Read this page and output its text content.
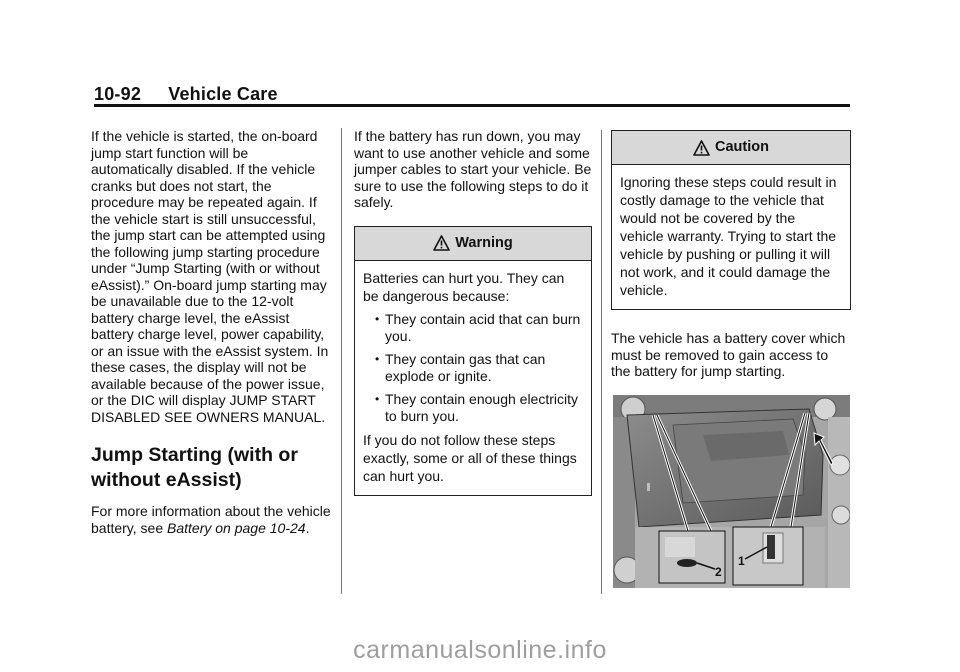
10-92 Vehicle Care

If the vehicle is started, the on-board jump start function will be automatically disabled. If the vehicle cranks but does not start, the procedure may be repeated again. If the vehicle start is still unsuccessful, the jump start can be attempted using the following jump starting procedure under “Jump Starting (with or without eAssist).” On-board jump starting may be unavailable due to the 12-volt battery charge level, the eAssist battery charge level, power capability, or an issue with the eAssist system. In these cases, the display will not be available because of the power issue, or the DIC will display JUMP START DISABLED SEE OWNERS MANUAL.

Jump Starting (with or without eAssist)

For more information about the vehicle battery, see Battery on page 10-24.

If the battery has run down, you may want to use another vehicle and some jumper cables to start your vehicle. Be sure to use the following steps to do it safely.

Warning

Batteries can hurt you. They can be dangerous because:

• They contain acid that can burn you.
• They contain gas that can explode or ignite.
• They contain enough electricity to burn you.

If you do not follow these steps exactly, some or all of these things can hurt you.

Caution

Ignoring these steps could result in costly damage to the vehicle that would not be covered by the vehicle warranty. Trying to start the vehicle by pushing or pulling it will not work, and it could damage the vehicle.

The vehicle has a battery cover which must be removed to gain access to the battery for jump starting.

2
1
carmanualsonline.info
